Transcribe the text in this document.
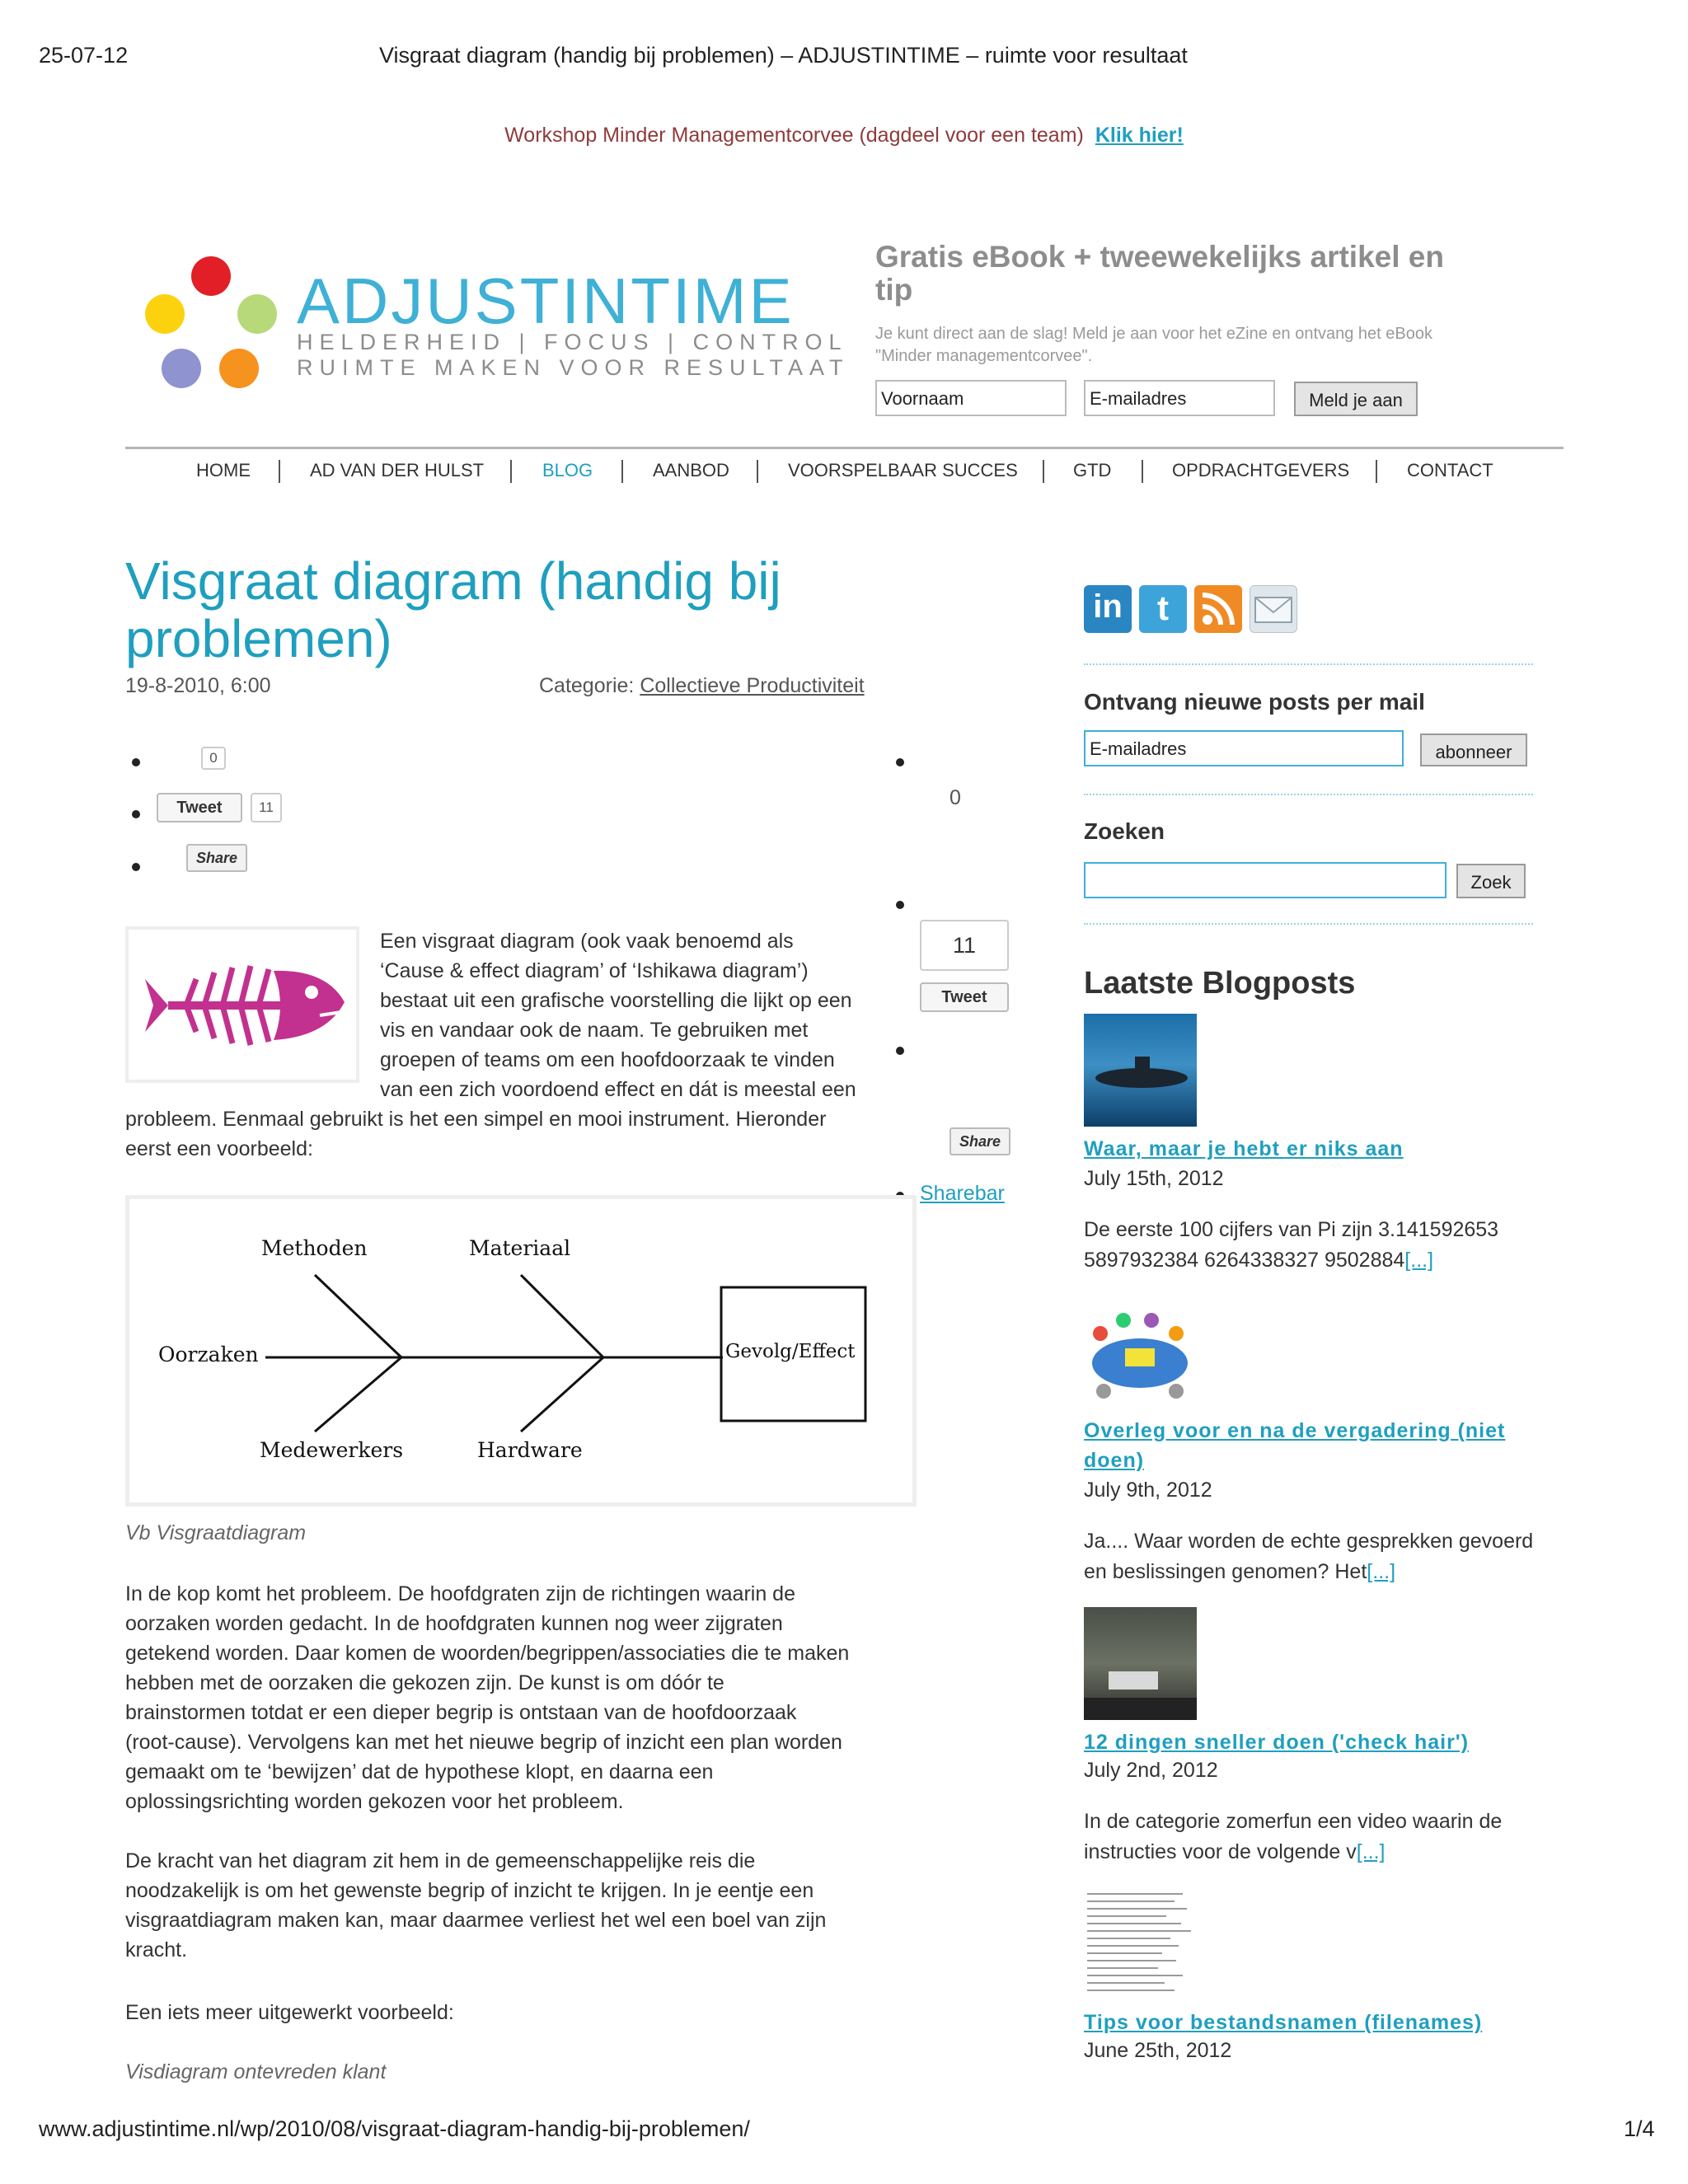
25-07-12	Visgraat diagram (handig bij problemen) – ADJUSTINTIME – ruimte voor resultaat
Workshop Minder Managementcorvee (dagdeel voor een team) Klik hier!
ADJUSTINTIME
HELDERHEID | FOCUS | CONTROL
RUIMTE MAKEN VOOR RESULTAAT
Gratis eBook + tweewekelijks artikel en tip
Je kunt direct aan de slag! Meld je aan voor het eZine en ontvang het eBook "Minder managementcorvee".
Voornaam	E-mailadres	Meld je aan
HOME	AD VAN DER HULST	BLOG	AANBOD	VOORSPELBAAR SUCCES	GTD	OPDRACHTGEVERS	CONTACT
Visgraat diagram (handig bij problemen)
19-8-2010, 6:00	Categorie: Collectieve Productiviteit
0
Tweet	11
Share
Een visgraat diagram (ook vaak benoemd als
‘Cause & effect diagram’ of ‘Ishikawa diagram’)
bestaat uit een grafische voorstelling die lijkt op een
vis en vandaar ook de naam. Te gebruiken met
groepen of teams om een hoofdoorzaak te vinden
van een zich voordoend effect en dát is meestal een
probleem. Eenmaal gebruikt is het een simpel en mooi instrument. Hieronder
eerst een voorbeeld:
0
11
Tweet
Share
Sharebar
Methoden	Materiaal
Oorzaken	Gevolg/Effect
Medewerkers	Hardware
Vb Visgraatdiagram
In de kop komt het probleem. De hoofdgraten zijn de richtingen waarin de
oorzaken worden gedacht. In de hoofdgraten kunnen nog weer zijgraten
getekend worden. Daar komen de woorden/begrippen/associaties die te maken
hebben met de oorzaken die gekozen zijn. De kunst is om dóór te
brainstormen totdat er een dieper begrip is ontstaan van de hoofdoorzaak
(root-cause). Vervolgens kan met het nieuwe begrip of inzicht een plan worden
gemaakt om te ‘bewijzen’ dat de hypothese klopt, en daarna een
oplossingsrichting worden gekozen voor het probleem.
De kracht van het diagram zit hem in de gemeenschappelijke reis die
noodzakelijk is om het gewenste begrip of inzicht te krijgen. In je eentje een
visgraatdiagram maken kan, maar daarmee verliest het wel een boel van zijn
kracht.
Een iets meer uitgewerkt voorbeeld:
Visdiagram ontevreden klant
in	t
Ontvang nieuwe posts per mail
E-mailadres	abonneer
Zoeken
Zoek
Laatste Blogposts
Waar, maar je hebt er niks aan
July 15th, 2012
De eerste 100 cijfers van Pi zijn 3.141592653 5897932384 6264338327 9502884[...]
Overleg voor en na de vergadering (niet doen)
July 9th, 2012
Ja.... Waar worden de echte gesprekken gevoerd en beslissingen genomen? Het[...]
12 dingen sneller doen ('check hair')
July 2nd, 2012
In de categorie zomerfun een video waarin de instructies voor de volgende v[...]
Tips voor bestandsnamen (filenames)
June 25th, 2012
www.adjustintime.nl/wp/2010/08/visgraat-diagram-handig-bij-problemen/	1/4
